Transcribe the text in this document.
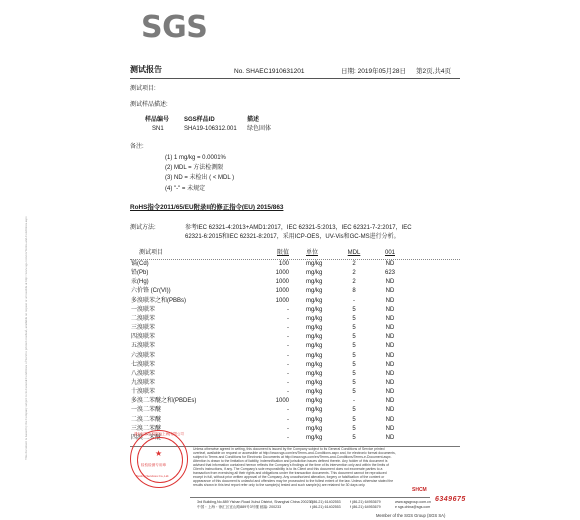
SGS
测试报告	No. SHAEC1910631201	日期: 2019年05月28日 第2页,共4页
测试项目:
测试样品描述:
样品编号 SGS样品ID	描述
SN1	SHA19-106312.001 绿色固体
备注:
(1) 1 mg/kg = 0.0001%
(2) MDL = 方法检测限
(3) ND = 未检出 ( < MDL )
(4) "-" = 未规定
RoHS指令2011/65/EU附录II的修正指令(EU) 2015/863
测试方法:	参考IEC 62321-4:2013+AMD1:2017，IEC 62321-5:2013，IEC 62321-7-2:2017，IEC
62321-6:2015和IEC 62321-8:2017，采用ICP-OES，UV-Vis和GC-MS进行分析。
测试项目	限值	单位	MDL	001
镉(Cd)	100	mg/kg	2	ND
铅(Pb)	1000	mg/kg	2	623
汞(Hg)	1000	mg/kg	2	ND
六价铬 (Cr(VI))	1000	mg/kg	8	ND
多溴联苯之和(PBBs)	1000	mg/kg	-	ND
一溴联苯	-	mg/kg	5	ND
二溴联苯	-	mg/kg	5	ND
三溴联苯	-	mg/kg	5	ND
四溴联苯	-	mg/kg	5	ND
五溴联苯	-	mg/kg	5	ND
六溴联苯	-	mg/kg	5	ND
七溴联苯	-	mg/kg	5	ND
八溴联苯	-	mg/kg	5	ND
九溴联苯	-	mg/kg	5	ND
十溴联苯	-	mg/kg	5	ND
多溴二苯醚之和(PBDEs)	1000	mg/kg	-	ND
一溴二苯醚	-	mg/kg	5	ND
二溴二苯醚	-	mg/kg	5	ND
三溴二苯醚	-	mg/kg	5	ND
四溴二苯醚	-	mg/kg	5	ND
★
通标标准技术服务(上海)有限公司
检验检测专用章
Testing Services Co.,Ltd.
Unless otherwise agreed in writing, this document is issued by the Company subject to its General Conditions of Service printed
overleaf, available on request or accessible at http://www.sgs.com/en/Terms-and-Conditions.aspx and, for electronic format documents,
subject to Terms and Conditions for Electronic Documents at http://www.sgs.com/en/Terms-and-Conditions/Terms-e-Document.aspx.
Attention is drawn to the limitation of liability, indemnification and jurisdiction issues defined therein. Any holder of this document is
advised that information contained hereon reflects the Company's findings at the time of its intervention only and within the limits of
Client's instructions, if any. The Company's sole responsibility is to its Client and this document does not exonerate parties to a
transaction from exercising all their rights and obligations under the transaction documents. This document cannot be reproduced
except in full, without prior written approval of the Company. Any unauthorized alteration, forgery or falsification of the content or
appearance of this document is unlawful and offenders may be prosecuted to the fullest extent of the law. Unless otherwise stated the
results shown in this test report refer only to the sample(s) tested and such sample(s) are retained for 30 days only.
SHCM
6349675
3rd Building,No.889 Yishan Road Xuhui District, Shanghai China 200233
中国・上海・徐汇区宜山路889号3号楼 邮编: 200233
t (86-21) 61402553	f (86-21) 64953679	www.sgsgroup.com.cn
t (86-21) 61402553	f (86-21) 64953679	e sgs.china@sgs.com
Member of the SGS Group (SGS SA)
This document is issued by the Company subject to its General Conditions of Service printed overleaf, available on request or accessible at http://www.sgs.com/en/Terms-and-Conditions.aspx
